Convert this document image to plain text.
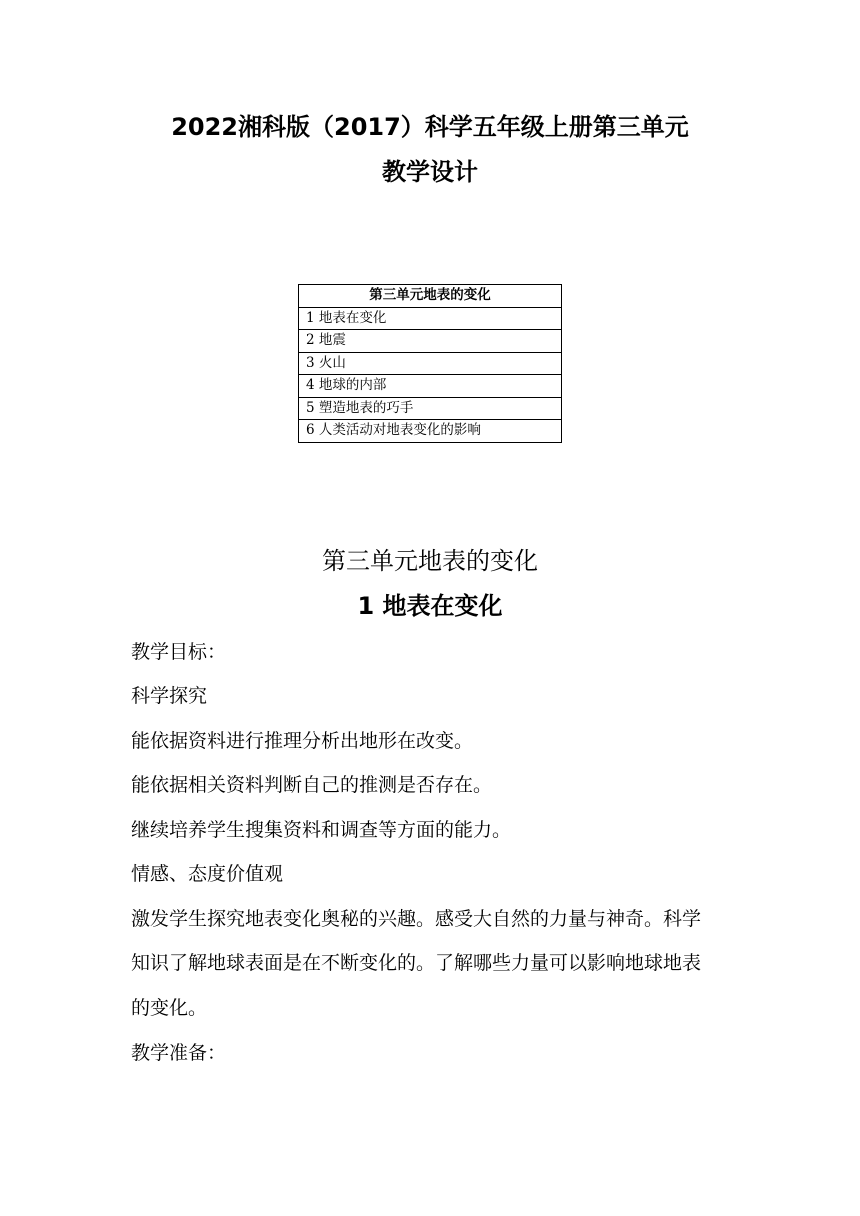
2022湘科版（2017）科学五年级上册第三单元
教学设计
第三单元地表的变化
1 地表在变化
2 地震
3 火山
4 地球的内部
5 塑造地表的巧手
6 人类活动对地表变化的影响
第三单元地表的变化
1 地表在变化

教学目标：

科学探究

能依据资料进行推理分析出地形在改变。

能依据相关资料判断自己的推测是否存在。

继续培养学生搜集资料和调查等方面的能力。

情感、态度价值观

激发学生探究地表变化奥秘的兴趣。感受大自然的力量与神奇。科学

知识了解地球表面是在不断变化的。了解哪些力量可以影响地球地表

的变化。

教学准备：
